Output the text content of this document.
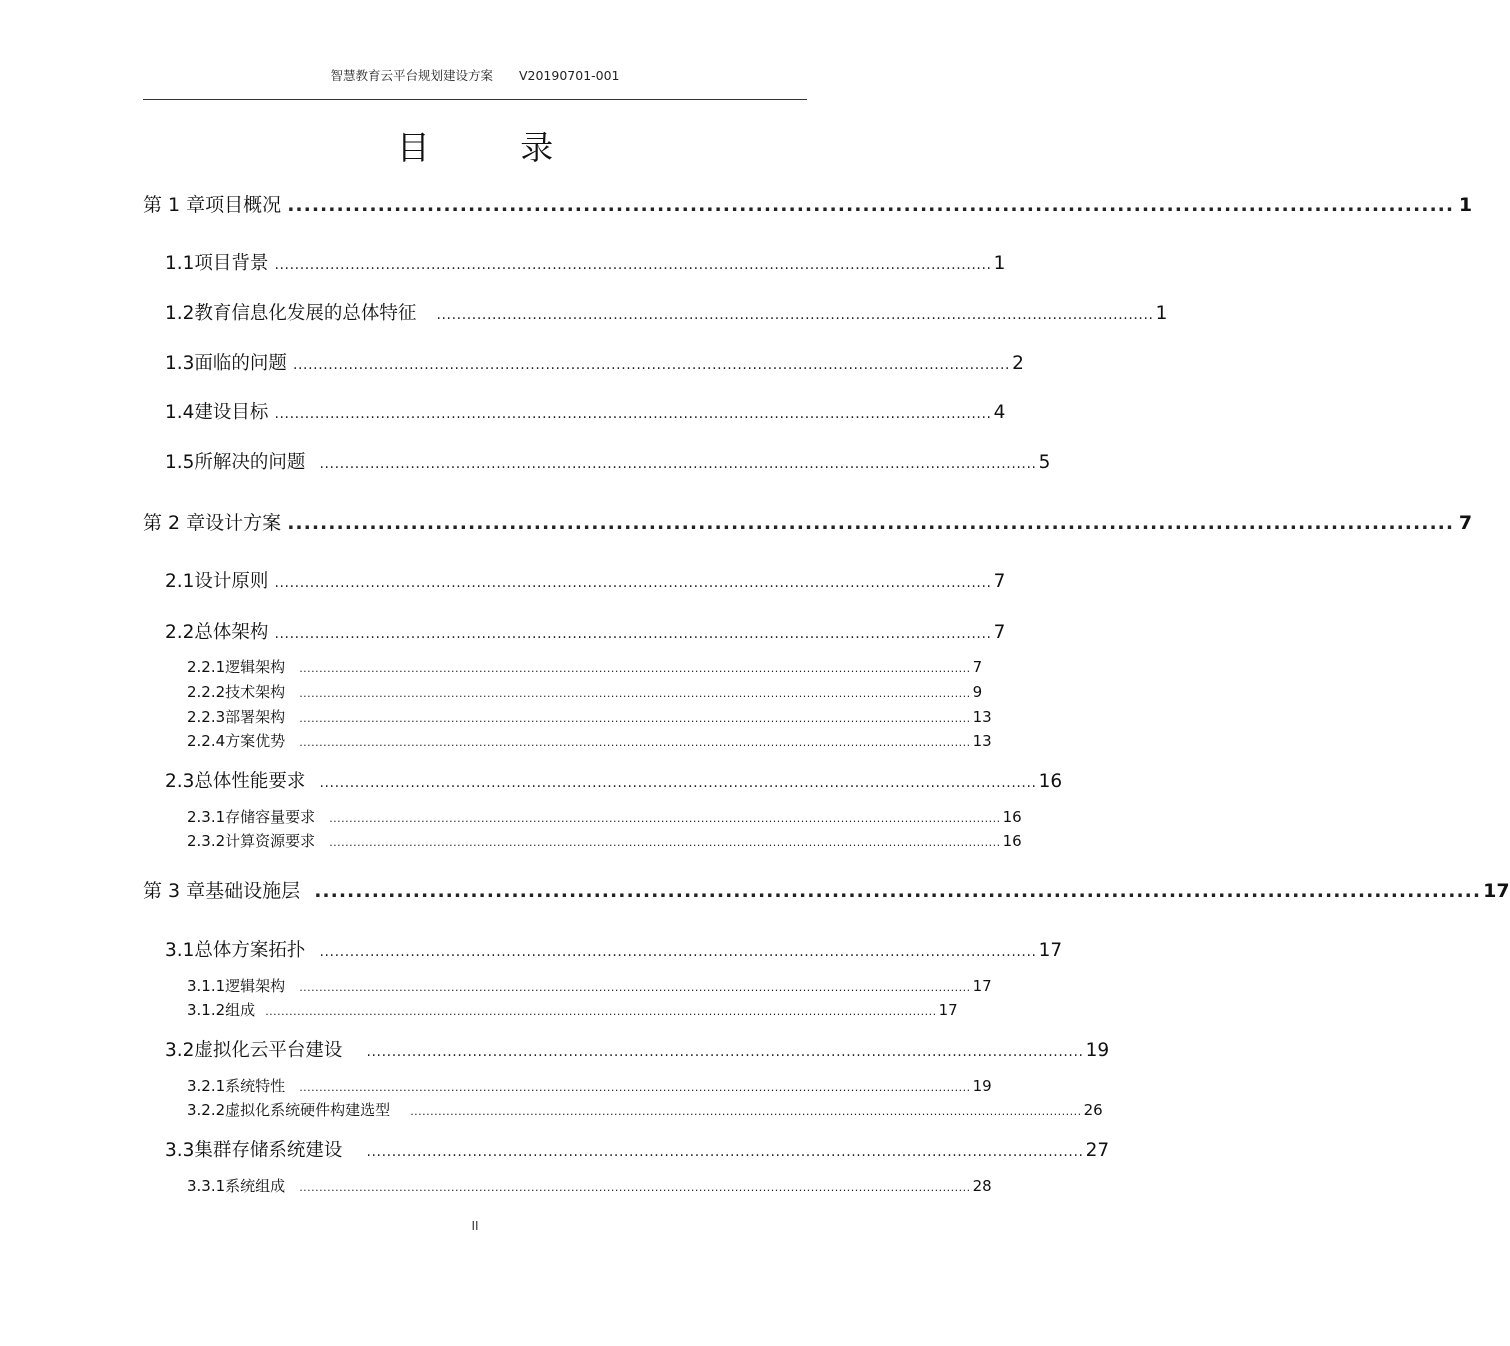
智慧教育云平台规划建设方案 V20190701-001
目 录
第 1 章 项目概况 .............................................................................................................................................. 1
1.1 项目背景 .............................................................................................................................................. 1
1.2 教育信息化发展的总体特征 .............................................................................................................................................. 1
1.3 面临的问题 .............................................................................................................................................. 2
1.4 建设目标 .............................................................................................................................................. 4
1.5 所解决的问题 .............................................................................................................................................. 5
第 2 章 设计方案 .............................................................................................................................................. 7
2.1 设计原则 .............................................................................................................................................. 7
2.2 总体架构 .............................................................................................................................................. 7
2.2.1 逻辑架构 ........................................................................................................................................................................ 7
2.2.2 技术架构 ........................................................................................................................................................................ 9
2.2.3 部署架构 ........................................................................................................................................................................ 13
2.2.4 方案优势 ........................................................................................................................................................................ 13
2.3 总体性能要求 .............................................................................................................................................. 16
2.3.1 存储容量要求 ........................................................................................................................................................................ 16
2.3.2 计算资源要求 ........................................................................................................................................................................ 16
第 3 章 基础设施层 .............................................................................................................................................. 17
3.1 总体方案拓扑 .............................................................................................................................................. 17
3.1.1 逻辑架构 ........................................................................................................................................................................ 17
3.1.2 组成 ........................................................................................................................................................................ 17
3.2 虚拟化云平台建设 .............................................................................................................................................. 19
3.2.1 系统特性 ........................................................................................................................................................................ 19
3.2.2 虚拟化系统硬件构建选型 ........................................................................................................................................................................ 26
3.3 集群存储系统建设 .............................................................................................................................................. 27
3.3.1 系统组成 ........................................................................................................................................................................ 28
II
